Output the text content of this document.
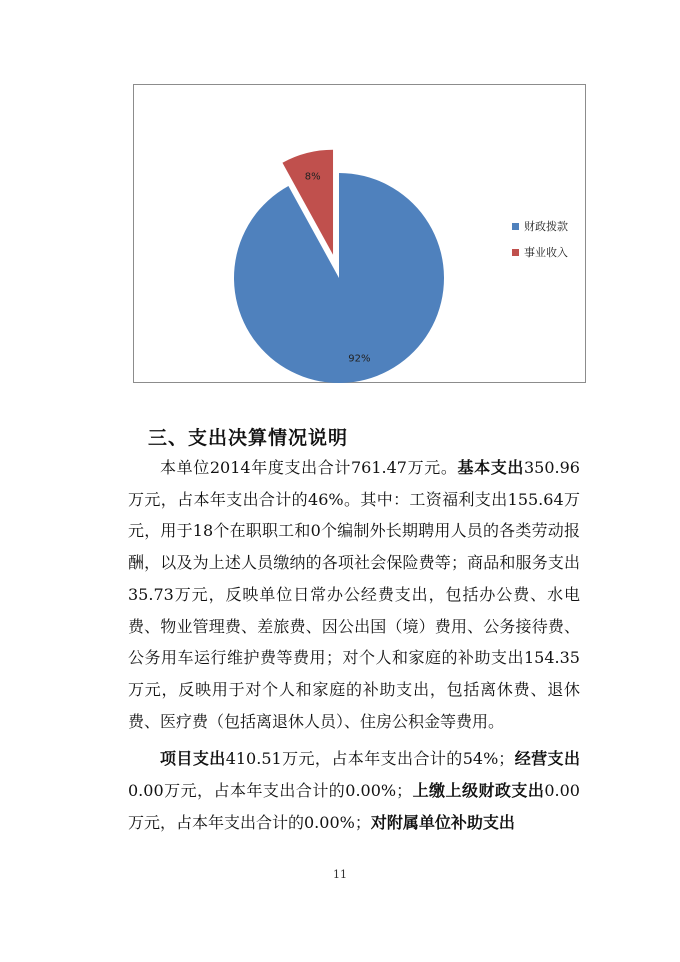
8%
92%
财政拨款
事业收入
三、支出决算情况说明

本单位2014年度支出合计761.47万元。基本支出350.96万元，占本年支出合计的46%。其中：工资福利支出155.64万元，用于18个在职职工和0个编制外长期聘用人员的各类劳动报酬，以及为上述人员缴纳的各项社会保险费等；商品和服务支出35.73万元，反映单位日常办公经费支出，包括办公费、水电费、物业管理费、差旅费、因公出国（境）费用、公务接待费、公务用车运行维护费等费用；对个人和家庭的补助支出154.35万元，反映用于对个人和家庭的补助支出，包括离休费、退休费、医疗费（包括离退休人员）、住房公积金等费用。

项目支出410.51万元，占本年支出合计的54%；经营支出0.00万元，占本年支出合计的0.00%；上缴上级财政支出0.00万元，占本年支出合计的0.00%；对附属单位补助支出

11
